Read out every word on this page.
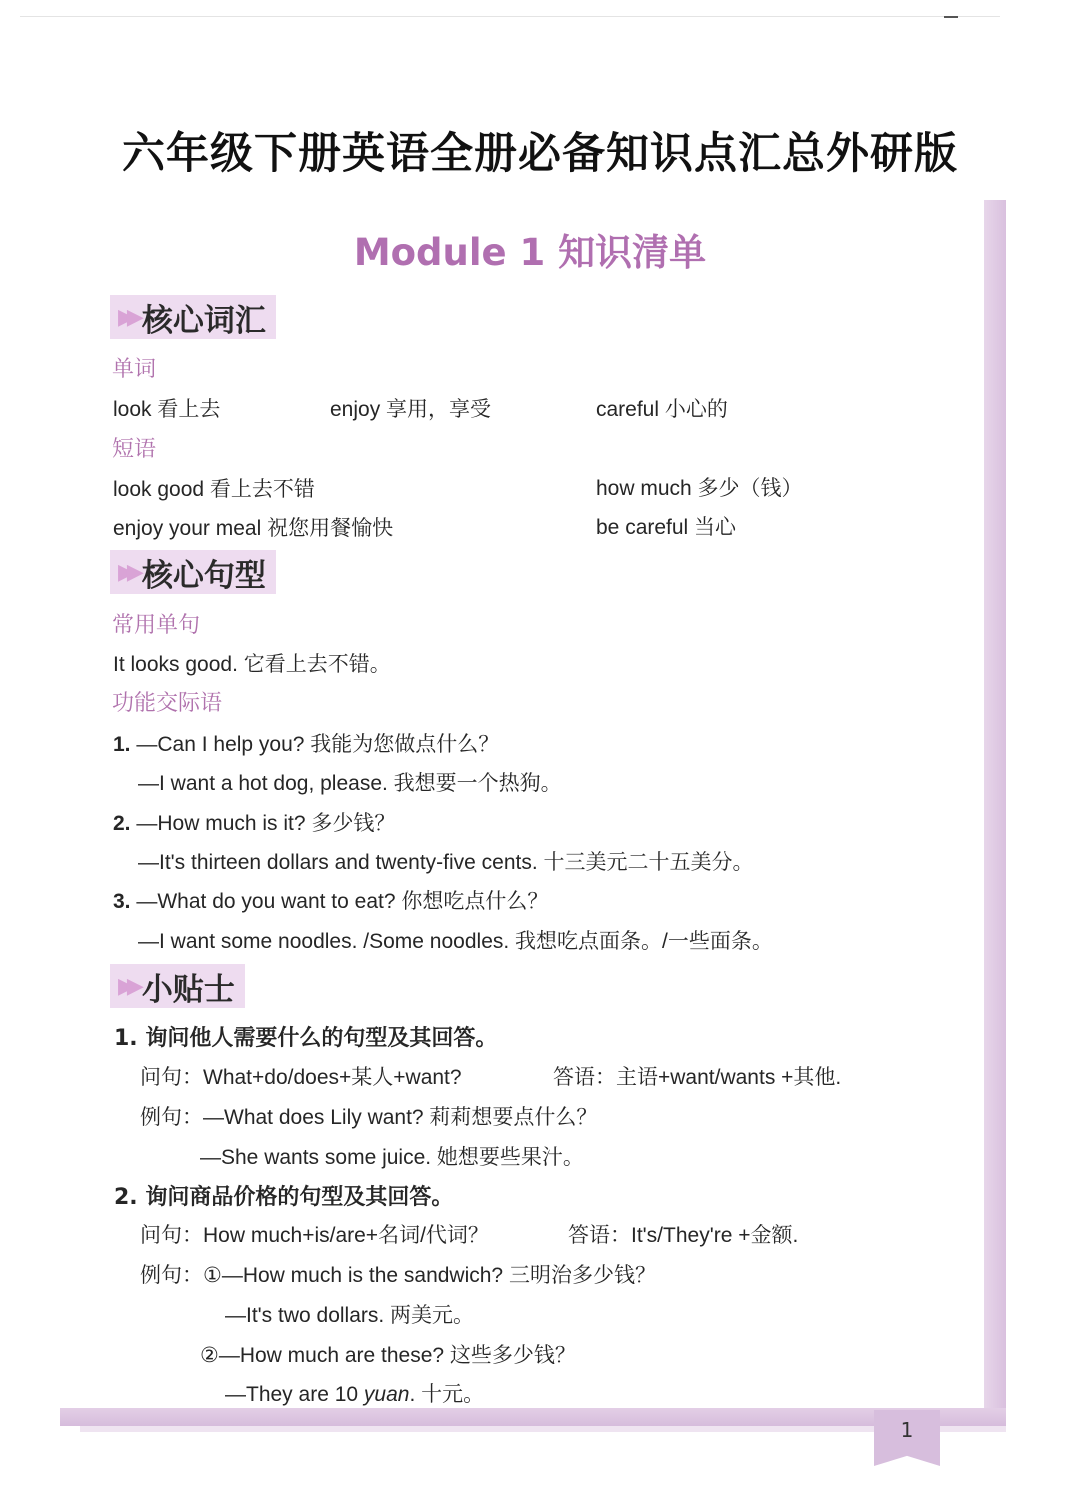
六年级下册英语全册必备知识点汇总外研版
1
Module 1 知识清单
▶▶ 核心词汇
单词
look 看上去	enjoy 享用，享受	careful 小心的
短语
look good 看上去不错	how much 多少（钱）
enjoy your meal 祝您用餐愉快	be careful 当心
▶▶ 核心句型
常用单句
It looks good. 它看上去不错。
功能交际语
1. —Can I help you? 我能为您做点什么？
—I want a hot dog, please. 我想要一个热狗。
2. —How much is it? 多少钱？
—It's thirteen dollars and twenty-five cents. 十三美元二十五美分。
3. —What do you want to eat? 你想吃点什么？
—I want some noodles. /Some noodles. 我想吃点面条。/一些面条。
▶▶ 小贴士
1. 询问他人需要什么的句型及其回答。
问句：What+do/does+某人+want?	答语：主语+want/wants +其他.
例句：—What does Lily want? 莉莉想要点什么？
—She wants some juice. 她想要些果汁。
2. 询问商品价格的句型及其回答。
问句：How much+is/are+名词/代词？	答语：It's/They're +金额.
例句：①—How much is the sandwich? 三明治多少钱？
—It's two dollars. 两美元。
②—How much are these? 这些多少钱？
—They are 10 yuan. 十元。
